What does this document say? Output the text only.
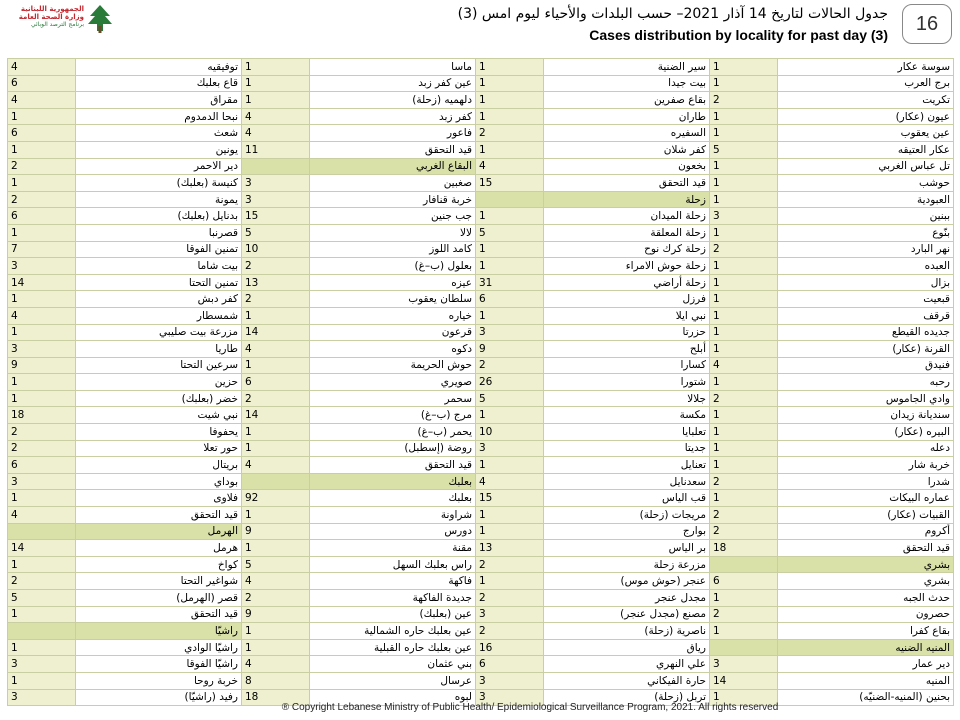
الجمهورية اللبنانية
وزارة الصحة العامة
برنامج الترصد الوبائي
جدول الحالات لتاريخ 14 آذار 2021– حسب البلدات والأحياء ليوم امس (3)
Cases distribution by locality for past day (3)	16
4	توفيقيه	1	ماسا	1	سير الضنية	1	سوسة عكار
6	قاع بعلبك	1	عين كفر زبد	1	بيت جيدا	1	برج العرب
4	مقراق	1	دلهميه (زحلة)	1	بقاع صفرين	2	تكريت
1	نبحا الدمدوم	4	كفر زبد	1	طاران	1	عيون (عكار)
6	شعث	4	فاعور	2	السفيره	1	عين يعقوب
1	يونين	11	قيد التحقق	1	كفر شلان	5	عكار العتيقه
2	دير الاحمر		البقاع الغربي	4	بخعون	1	تل عباس الغربي
1	كنيسة (بعلبك)	3	صغبين	15	قيد التحقق	1	حوشب
2	يمونة	3	خربة قنافار		زحلة	1	العبودية
6	بدنايل (بعلبك)	15	جب جنين	1	زحلة الميدان	3	ببنين
1	قصرنبا	5	لالا	5	زحلة المعلقة	1	بنّوع
7	تمنين الفوقا	10	كامد اللوز	1	زحلة كرك نوح	2	نهر البارد
3	بيت شاما	2	بعلول (ب–غ)	1	زحلة حوش الامراء	1	العبده
14	تمنين التحتا	13	عيزه	31	زحلة أراضي	1	بزال
1	كفر دبش	2	سلطان يعقوب	6	فرزل	1	قبعيت
4	شمسطار	1	خياره	1	نبي ايلا	1	قرقف
1	مزرعة بيت صليبي	14	قرعون	3	حزرتا	1	جديده القيطع
3	طاريا	4	دكوه	9	أبلح	1	القرنة (عكار)
9	سرعين التحتا	1	حوش الحريمة	2	كسارا	4	فنيدق
1	حزين	6	صويري	26	شتورا	1	رحبه
1	خضر (بعلبك)	2	سحمر	5	جلالا	2	وادي الجاموس
18	نبي شيت	14	مرج (ب–غ)	1	مكسة	1	سنديانة زيدان
2	يحفوفا	1	يحمر (ب–غ)	10	تعلبايا	1	البيره (عكار)
2	حور تعلا	1	روضة (إسطبل)	3	جديتا	1	دعله
6	بريتال	4	قيد التحقق	1	تعنايل	1	خربة شار
3	بوداي		بعلبك	4	سعدنايل	2	شدرا
1	فلاوى	92	بعلبك	15	قب الياس	1	عماره البيكات
4	قيد التحقق	1	شراونة	1	مريجات (زحلة)	2	القبيات (عكار)
	الهرمل	9	دورس	1	بوارج	2	أكروم
14	هرمل	1	مقنة	13	بر الياس	18	قيد التحقق
1	كواخ	5	راس بعلبك السهل	2	مزرعة زحلة		بشري
2	شواغير التحتا	4	فاكهة	1	عنجر (حوش موس)	6	بشري
5	قصر (الهرمل)	2	جديدة الفاكهة	2	مجدل عنجر	1	حدث الجبه
1	قيد التحقق	9	عين (بعلبك)	3	مصنع (مجدل عنجر)	2	حصرون
	راشيّا	1	عين بعلبك حاره الشمالية	2	ناصرية (زحلة)	1	بقاع كفرا
1	راشيّا الوادي	1	عين بعلبك حاره القبلية	16	رياق		المنيه الضنيه
3	راشيّا الفوقا	4	بني عثمان	6	علي النهري	3	دير عمار
1	خربة روحا	8	عرسال	3	حارة الفيكاني	14	المنيه
3	رفيد (راشيّا)	18	لبوه	3	تربل (زحلة)	1	بحنين (المنيه-الضنيّه)
® Copyright Lebanese Ministry of Public Health/ Epidemiological Surveillance Program, 2021. All rights reserved
